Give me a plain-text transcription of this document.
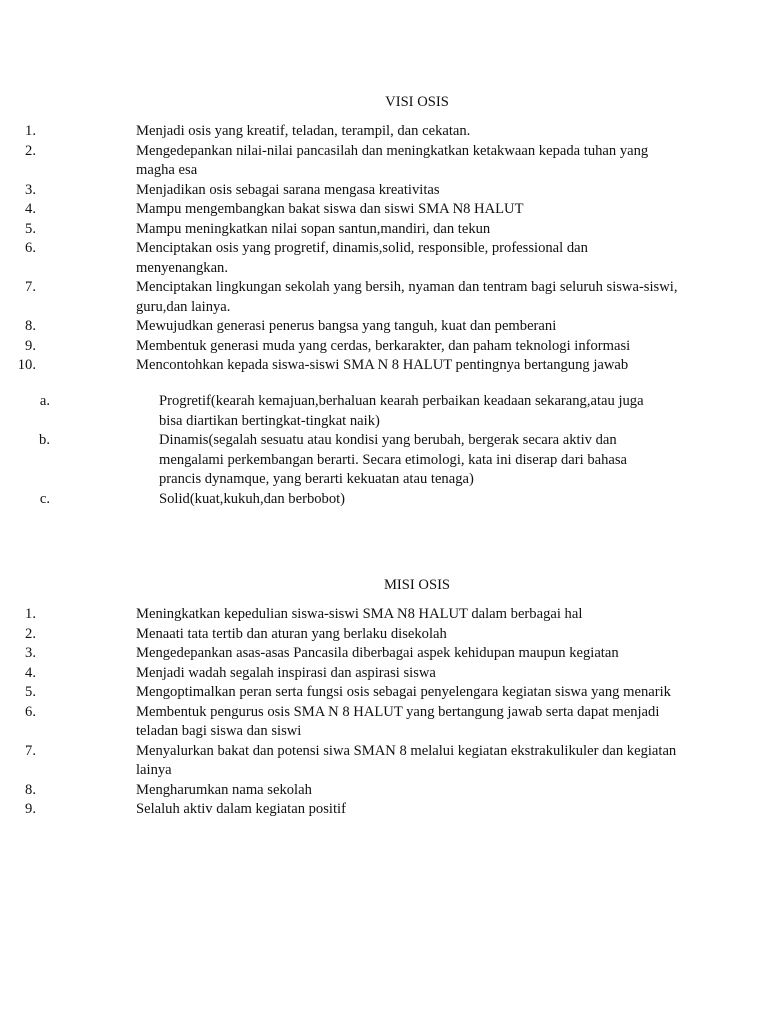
VISI OSIS
1.	Menjadi osis yang kreatif, teladan, terampil, dan cekatan.
2.	Mengedepankan nilai-nilai pancasilah dan meningkatkan ketakwaan kepada tuhan yang magha esa
3.	Menjadikan osis sebagai sarana mengasa kreativitas
4.	Mampu mengembangkan bakat siswa dan siswi SMA N8 HALUT
5.	Mampu meningkatkan nilai sopan santun,mandiri, dan tekun
6.	Menciptakan osis yang progretif, dinamis,solid, responsible, professional dan menyenangkan.
7.	Menciptakan lingkungan sekolah yang bersih, nyaman dan tentram bagi seluruh siswa-siswi, guru,dan lainya.
8.	Mewujudkan generasi penerus bangsa yang tanguh, kuat dan pemberani
9.	Membentuk generasi muda yang cerdas, berkarakter, dan paham teknologi informasi
10.	Mencontohkan kepada siswa-siswi SMA N 8 HALUT pentingnya bertangung jawab
a.	Progretif(kearah kemajuan,berhaluan kearah perbaikan keadaan sekarang,atau juga bisa diartikan bertingkat-tingkat naik)
b.	Dinamis(segalah sesuatu atau kondisi yang berubah, bergerak secara aktiv dan mengalami perkembangan berarti. Secara etimologi, kata ini diserap dari bahasa prancis dynamque, yang berarti kekuatan atau tenaga)
c.	Solid(kuat,kukuh,dan berbobot)
MISI OSIS
1.	Meningkatkan kepedulian siswa-siswi SMA N8 HALUT dalam berbagai hal
2.	Menaati tata tertib dan aturan yang berlaku disekolah
3.	Mengedepankan asas-asas Pancasila diberbagai aspek kehidupan maupun kegiatan
4.	Menjadi wadah segalah inspirasi dan aspirasi siswa
5.	Mengoptimalkan peran serta fungsi osis sebagai penyelengara kegiatan siswa yang menarik
6.	Membentuk pengurus osis SMA N 8 HALUT yang bertangung jawab serta dapat menjadi teladan bagi siswa dan siswi
7.	Menyalurkan bakat dan potensi siwa SMAN 8 melalui kegiatan ekstrakulikuler dan kegiatan lainya
8.	Mengharumkan nama sekolah
9.	Selaluh aktiv dalam kegiatan positif
